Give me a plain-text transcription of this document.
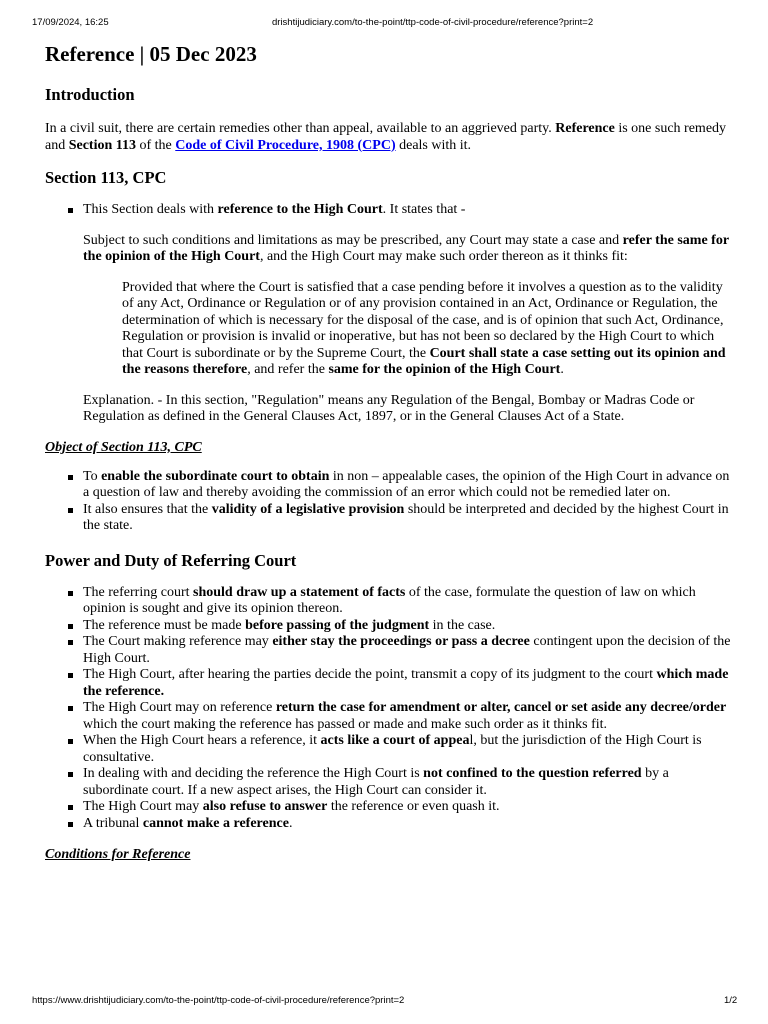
17/09/2024, 16:25	drishtijudiciary.com/to-the-point/ttp-code-of-civil-procedure/reference?print=2
Reference | 05 Dec 2023
Introduction

In a civil suit, there are certain remedies other than appeal, available to an aggrieved party. Reference is one such remedy and Section 113 of the Code of Civil Procedure, 1908 (CPC) deals with it.

Section 113, CPC
This Section deals with reference to the High Court. It states that -

Subject to such conditions and limitations as may be prescribed, any Court may state a case and refer the same for the opinion of the High Court, and the High Court may make such order thereon as it thinks fit:

Provided that where the Court is satisfied that a case pending before it involves a question as to the validity of any Act, Ordinance or Regulation or of any provision contained in an Act, Ordinance or Regulation, the determination of which is necessary for the disposal of the case, and is of opinion that such Act, Ordinance, Regulation or provision is invalid or inoperative, but has not been so declared by the High Court to which that Court is subordinate or by the Supreme Court, the Court shall state a case setting out its opinion and the reasons therefore, and refer the same for the opinion of the High Court.

Explanation. - In this section, "Regulation" means any Regulation of the Bengal, Bombay or Madras Code or Regulation as defined in the General Clauses Act, 1897, or in the General Clauses Act of a State.

Object of Section 113, CPC
To enable the subordinate court to obtain in non – appealable cases, the opinion of the High Court in advance on a question of law and thereby avoiding the commission of an error which could not be remedied later on.
It also ensures that the validity of a legislative provision should be interpreted and decided by the highest Court in the state.
Power and Duty of Referring Court
The referring court should draw up a statement of facts of the case, formulate the question of law on which opinion is sought and give its opinion thereon.
The reference must be made before passing of the judgment in the case.
The Court making reference may either stay the proceedings or pass a decree contingent upon the decision of the High Court.
The High Court, after hearing the parties decide the point, transmit a copy of its judgment to the court which made the reference.
The High Court may on reference return the case for amendment or alter, cancel or set aside any decree/order which the court making the reference has passed or made and make such order as it thinks fit.
When the High Court hears a reference, it acts like a court of appeal, but the jurisdiction of the High Court is consultative.
In dealing with and deciding the reference the High Court is not confined to the question referred by a subordinate court. If a new aspect arises, the High Court can consider it.
The High Court may also refuse to answer the reference or even quash it.
A tribunal cannot make a reference.
Conditions for Reference
https://www.drishtijudiciary.com/to-the-point/ttp-code-of-civil-procedure/reference?print=2	1/2
